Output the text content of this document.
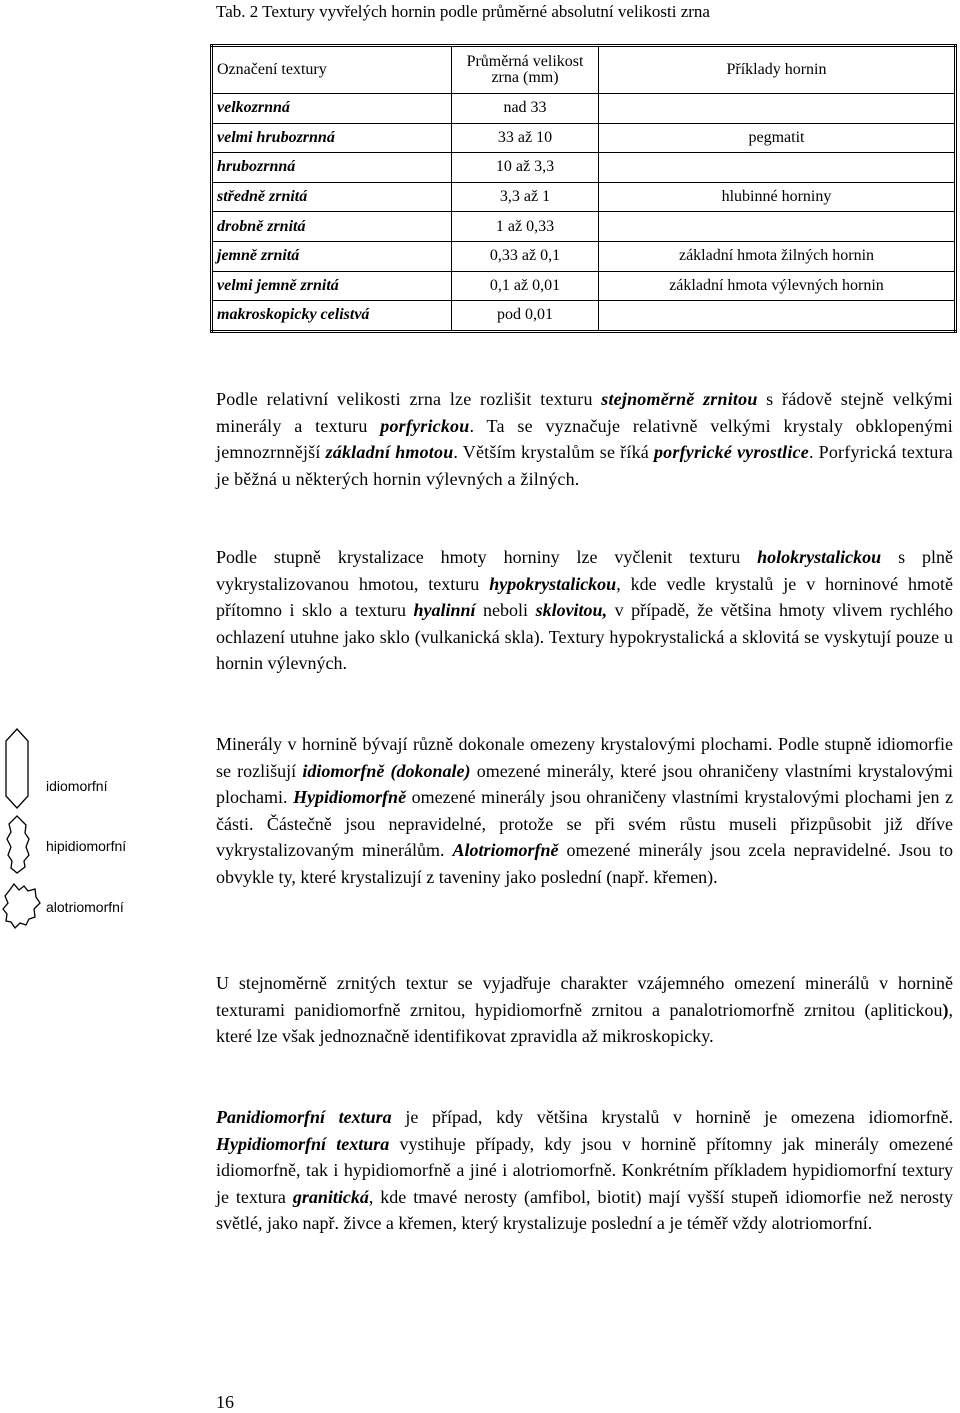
Tab. 2 Textury vyvřelých hornin podle průměrné absolutní velikosti zrna
Označení textury	Průměrná velikost zrna (mm)	Příklady hornin
velkozrnná	nad 33	
velmi hrubozrnná	33 až 10	pegmatit
hrubozrnná	10 až 3,3	
středně zrnitá	3,3 až 1	hlubinné horniny
drobně zrnitá	1 až 0,33	
jemně zrnitá	0,33 až 0,1	základní hmota žilných hornin
velmi jemně zrnitá	0,1 až 0,01	základní hmota výlevných hornin
makroskopicky celistvá	pod 0,01	

Podle relativní velikosti zrna lze rozlišit texturu stejnoměrně zrnitou s řádově stejně velkými minerály a texturu porfyrickou. Ta se vyznačuje relativně velkými krystaly obklopenými jemnozrnnější základní hmotou. Větším krystalům se říká porfyrické vyrostlice. Porfyrická textura je běžná u některých hornin výlevných a žilných.

Podle stupně krystalizace hmoty horniny lze vyčlenit texturu holokrystalickou s plně vykrystalizovanou hmotou, texturu hypokrystalickou, kde vedle krystalů je v horninové hmotě přítomno i sklo a texturu hyalinní neboli sklovitou, v případě, že většina hmoty vlivem rychlého ochlazení utuhne jako sklo (vulkanická skla). Textury hypokrystalická a sklovitá se vyskytují pouze u hornin výlevných.

Minerály v hornině bývají různě dokonale omezeny krystalovými plochami. Podle stupně idiomorfie se rozlišují idiomorfně (dokonale) omezené minerály, které jsou ohraničeny vlastními krystalovými plochami. Hypidiomorfně omezené minerály jsou ohraničeny vlastními krystalovými plochami jen z části. Částečně jsou nepravidelné, protože se při svém růstu museli přizpůsobit již dříve vykrystalizovaným minerálům. Alotriomorfně omezené minerály jsou zcela nepravidelné. Jsou to obvykle ty, které krystalizují z taveniny jako poslední (např. křemen).

U stejnoměrně zrnitých textur se vyjadřuje charakter vzájemného omezení minerálů v hornině texturami panidiomorfně zrnitou, hypidiomorfně zrnitou a panalotriomorfně zrnitou (aplitickou), které lze však jednoznačně identifikovat zpravidla až mikroskopicky.

Panidiomorfní textura je případ, kdy většina krystalů v hornině je omezena idiomorfně. Hypidiomorfní textura vystihuje případy, kdy jsou v hornině přítomny jak minerály omezené idiomorfně, tak i hypidiomorfně a jiné i alotriomorfně. Konkrétním příkladem hypidiomorfní textury je textura granitická, kde tmavé nerosty (amfibol, biotit) mají vyšší stupeň idiomorfie než nerosty světlé, jako např. živce a křemen, který krystalizuje poslední a je téměř vždy alotriomorfní.

idiomorfní
hipidiomorfní
alotriomorfní
16
